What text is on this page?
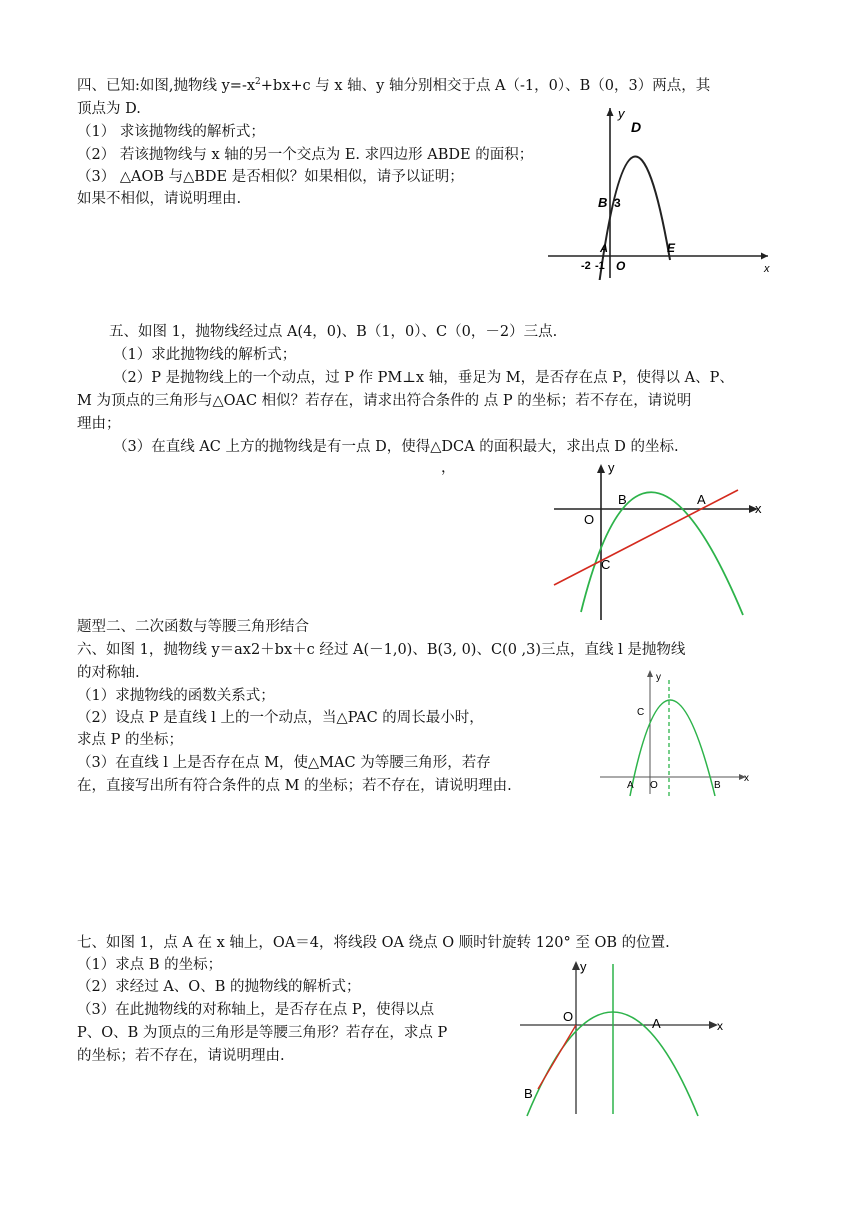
四、已知:如图,抛物线 $y=-x^2+bx+c$ 与 x 轴、y 轴分别相交于点 A（-1，0）、B（0，3）两点，其
顶点为 D.
（1） 求该抛物线的解析式；
（2） 若该抛物线与 x 轴的另一个交点为 E. 求四边形 ABDE 的面积；
（3） △AOB 与△BDE 是否相似？如果相似，请予以证明；
如果不相似，请说明理由.
y
D
B 3
A
-2 -1 O
E
x
五、如图 1，抛物线经过点 A(4，0)、B（1，0）、C（0，－2）三点.
（1）求此抛物线的解析式；
（2）P 是抛物线上的一个动点，过 P 作 PM⊥x 轴，垂足为 M，是否存在点 P，使得以 A、P、
M 为顶点的三角形与△OAC 相似？若存在，请求出符合条件的 点 P 的坐标；若不存在，请说明
理由；
（3）在直线 AC 上方的抛物线是有一点 D，使得△DCA 的面积最大，求出点 D 的坐标.
，	y
B	A
O
C
x
题型二、二次函数与等腰三角形结合
六、如图 1，抛物线 y＝ax2＋bx＋c 经过 A(－1,0)、B(3, 0)、C(0 ,3)三点，直线 l 是抛物线
的对称轴.
（1）求抛物线的函数关系式；
（2）设点 P 是直线 l 上的一个动点，当△PAC 的周长最小时，
求点 P 的坐标；
（3）在直线 l 上是否存在点 M，使△MAC 为等腰三角形，若存
在，直接写出所有符合条件的点 M 的坐标；若不存在，请说明理由.
y
C
A O	B
x
七、如图 1，点 A 在 x 轴上，OA＝4，将线段 OA 绕点 O 顺时针旋转 120° 至 OB 的位置.
（1）求点 B 的坐标；
（2）求经过 A、O、B 的抛物线的解析式；
（3）在此抛物线的对称轴上，是否存在点 P，使得以点
P、O、B 为顶点的三角形是等腰三角形？若存在，求点 P
的坐标；若不存在，请说明理由.
y
O	A
B
x
